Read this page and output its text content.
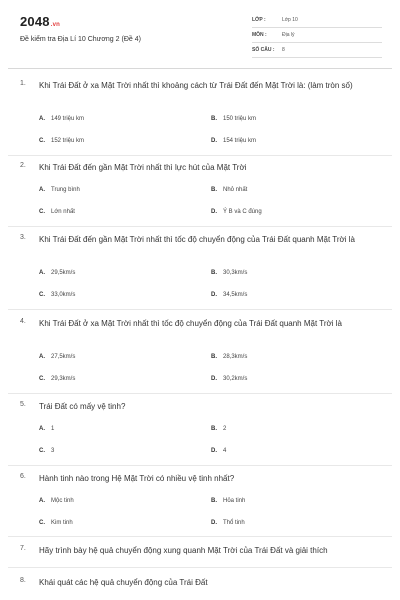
2048.vn
Đề kiểm tra Địa Lí 10 Chương 2 (Đề 4)
LỚP :	Lớp 10
MÔN :	Địa lý
SỐ CÂU :	8
1. Khi Trái Đất ở xa Mặt Trời nhất thì khoảng cách từ Trái Đất đến Mặt Trời là: (làm tròn số)
A. 149 triệu km	B. 150 triệu km
C. 152 triệu km	D. 154 triệu km
2. Khi Trái Đất đến gần Mặt Trời nhất thì lực hút của Mặt Trời
A. Trung bình	B. Nhỏ nhất
C. Lớn nhất	D. Ý B và C đúng
3. Khi Trái Đất đến gần Mặt Trời nhất thì tốc độ chuyển động của Trái Đất quanh Mặt Trời là
A. 29,5km/s	B. 30,3km/s
C. 33,0km/s	D. 34,5km/s
4. Khi Trái Đất ở xa Mặt Trời nhất thì tốc độ chuyển động của Trái Đất quanh Mặt Trời là
A. 27,5km/s	B. 28,3km/s
C. 29,3km/s	D. 30,2km/s
5. Trái Đất có mấy vệ tinh?
A. 1	B. 2
C. 3	D. 4
6. Hành tinh nào trong Hệ Mặt Trời có nhiều vệ tinh nhất?
A. Mộc tinh	B. Hỏa tinh
C. Kim tinh	D. Thổ tinh
7. Hãy trình bày hệ quả chuyển động xung quanh Mặt Trời của Trái Đất và giải thích
8. Khái quát các hệ quả chuyển động của Trái Đất
